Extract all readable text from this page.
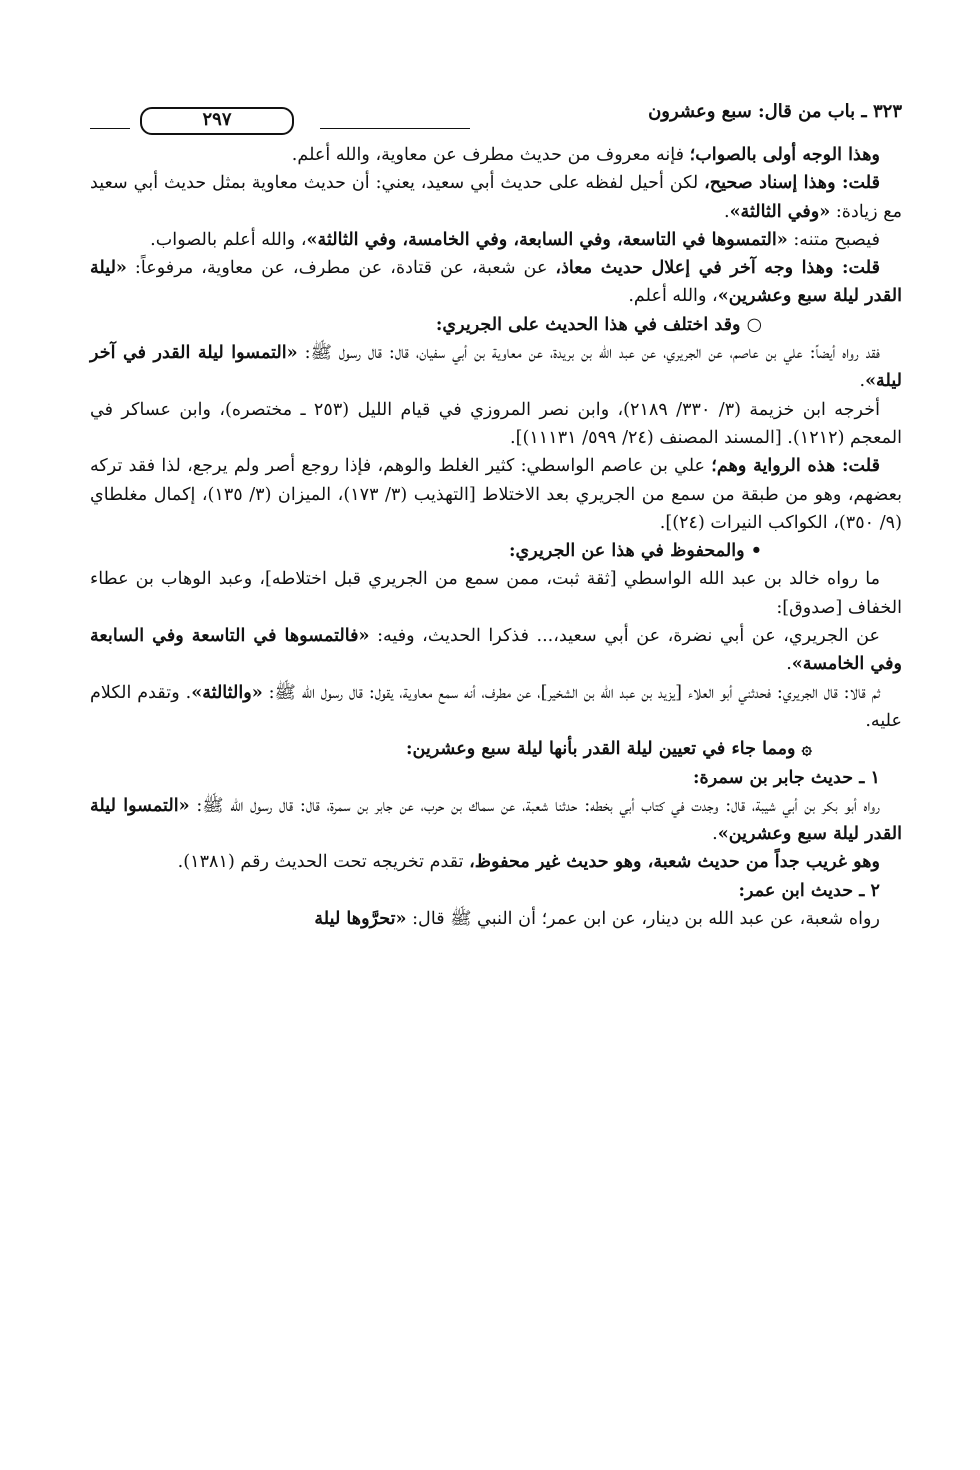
٣٢٣ ـ باب من قال: سبع وعشرون
٢٩٧

وهذا الوجه أولى بالصواب؛ فإنه معروف من حديث مطرف عن معاوية، والله أعلم.

قلت: وهذا إسناد صحيح، لكن أحيل لفظه على حديث أبي سعيد، يعني: أن حديث معاوية بمثل حديث أبي سعيد مع زيادة: «وفي الثالثة».

فيصبح متنه: «التمسوها في التاسعة، وفي السابعة، وفي الخامسة، وفي الثالثة»، والله أعلم بالصواب.

قلت: وهذا وجه آخر في إعلال حديث معاذ، عن شعبة، عن قتادة، عن مطرف، عن معاوية، مرفوعاً: «ليلة القدر ليلة سبع وعشرين»، والله أعلم.

○ وقد اختلف في هذا الحديث على الجريري:

فقد رواه أيضاً: علي بن عاصم، عن الجريري، عن عبد الله بن بريدة، عن معاوية بن أبي سفيان، قال: قال رسول ﷺ: «التمسوا ليلة القدر في آخر ليلة».

أخرجه ابن خزيمة (٣/ ٣٣٠/ ٢١٨٩)، وابن نصر المروزي في قيام الليل (٢٥٣ ـ مختصره)، وابن عساكر في المعجم (١٢١٢). [المسند المصنف (٢٤/ ٥٩٩/ ١١١٣١)].

قلت: هذه الرواية وهم؛ علي بن عاصم الواسطي: كثير الغلط والوهم، فإذا روجع أصر ولم يرجع، لذا فقد تركه بعضهم، وهو من طبقة من سمع من الجريري بعد الاختلاط [التهذيب (٣/ ١٧٣)، الميزان (٣/ ١٣٥)، إكمال مغلطاي (٩/ ٣٥٠)، الكواكب النيرات (٢٤)].

• والمحفوظ في هذا عن الجريري:

ما رواه خالد بن عبد الله الواسطي [ثقة ثبت، ممن سمع من الجريري قبل اختلاطه]، وعبد الوهاب بن عطاء الخفاف [صدوق]:

عن الجريري، عن أبي نضرة، عن أبي سعيد،... فذكرا الحديث، وفيه: «فالتمسوها في التاسعة وفي السابعة وفي الخامسة».

ثم قالا: قال الجريري: فحدثني أبو العلاء [يزيد بن عبد الله بن الشخير]، عن مطرف، أنه سمع معاوية، يقول: قال رسول الله ﷺ: «والثالثة». وتقدم الكلام عليه.

۞ ومما جاء في تعيين ليلة القدر بأنها ليلة سبع وعشرين:

١ ـ حديث جابر بن سمرة:

رواه أبو بكر بن أبي شيبة، قال: وجدت في كتاب أبي بخطه: حدثنا شعبة، عن سماك بن حرب، عن جابر بن سمرة، قال: قال رسول الله ﷺ: «التمسوا ليلة القدر ليلة سبع وعشرين».

وهو غريب جداً من حديث شعبة، وهو حديث غير محفوظ، تقدم تخريجه تحت الحديث رقم (١٣٨١).

٢ ـ حديث ابن عمر:

رواه شعبة، عن عبد الله بن دينار، عن ابن عمر؛ أن النبي ﷺ قال: «تحرَّوها ليلة
